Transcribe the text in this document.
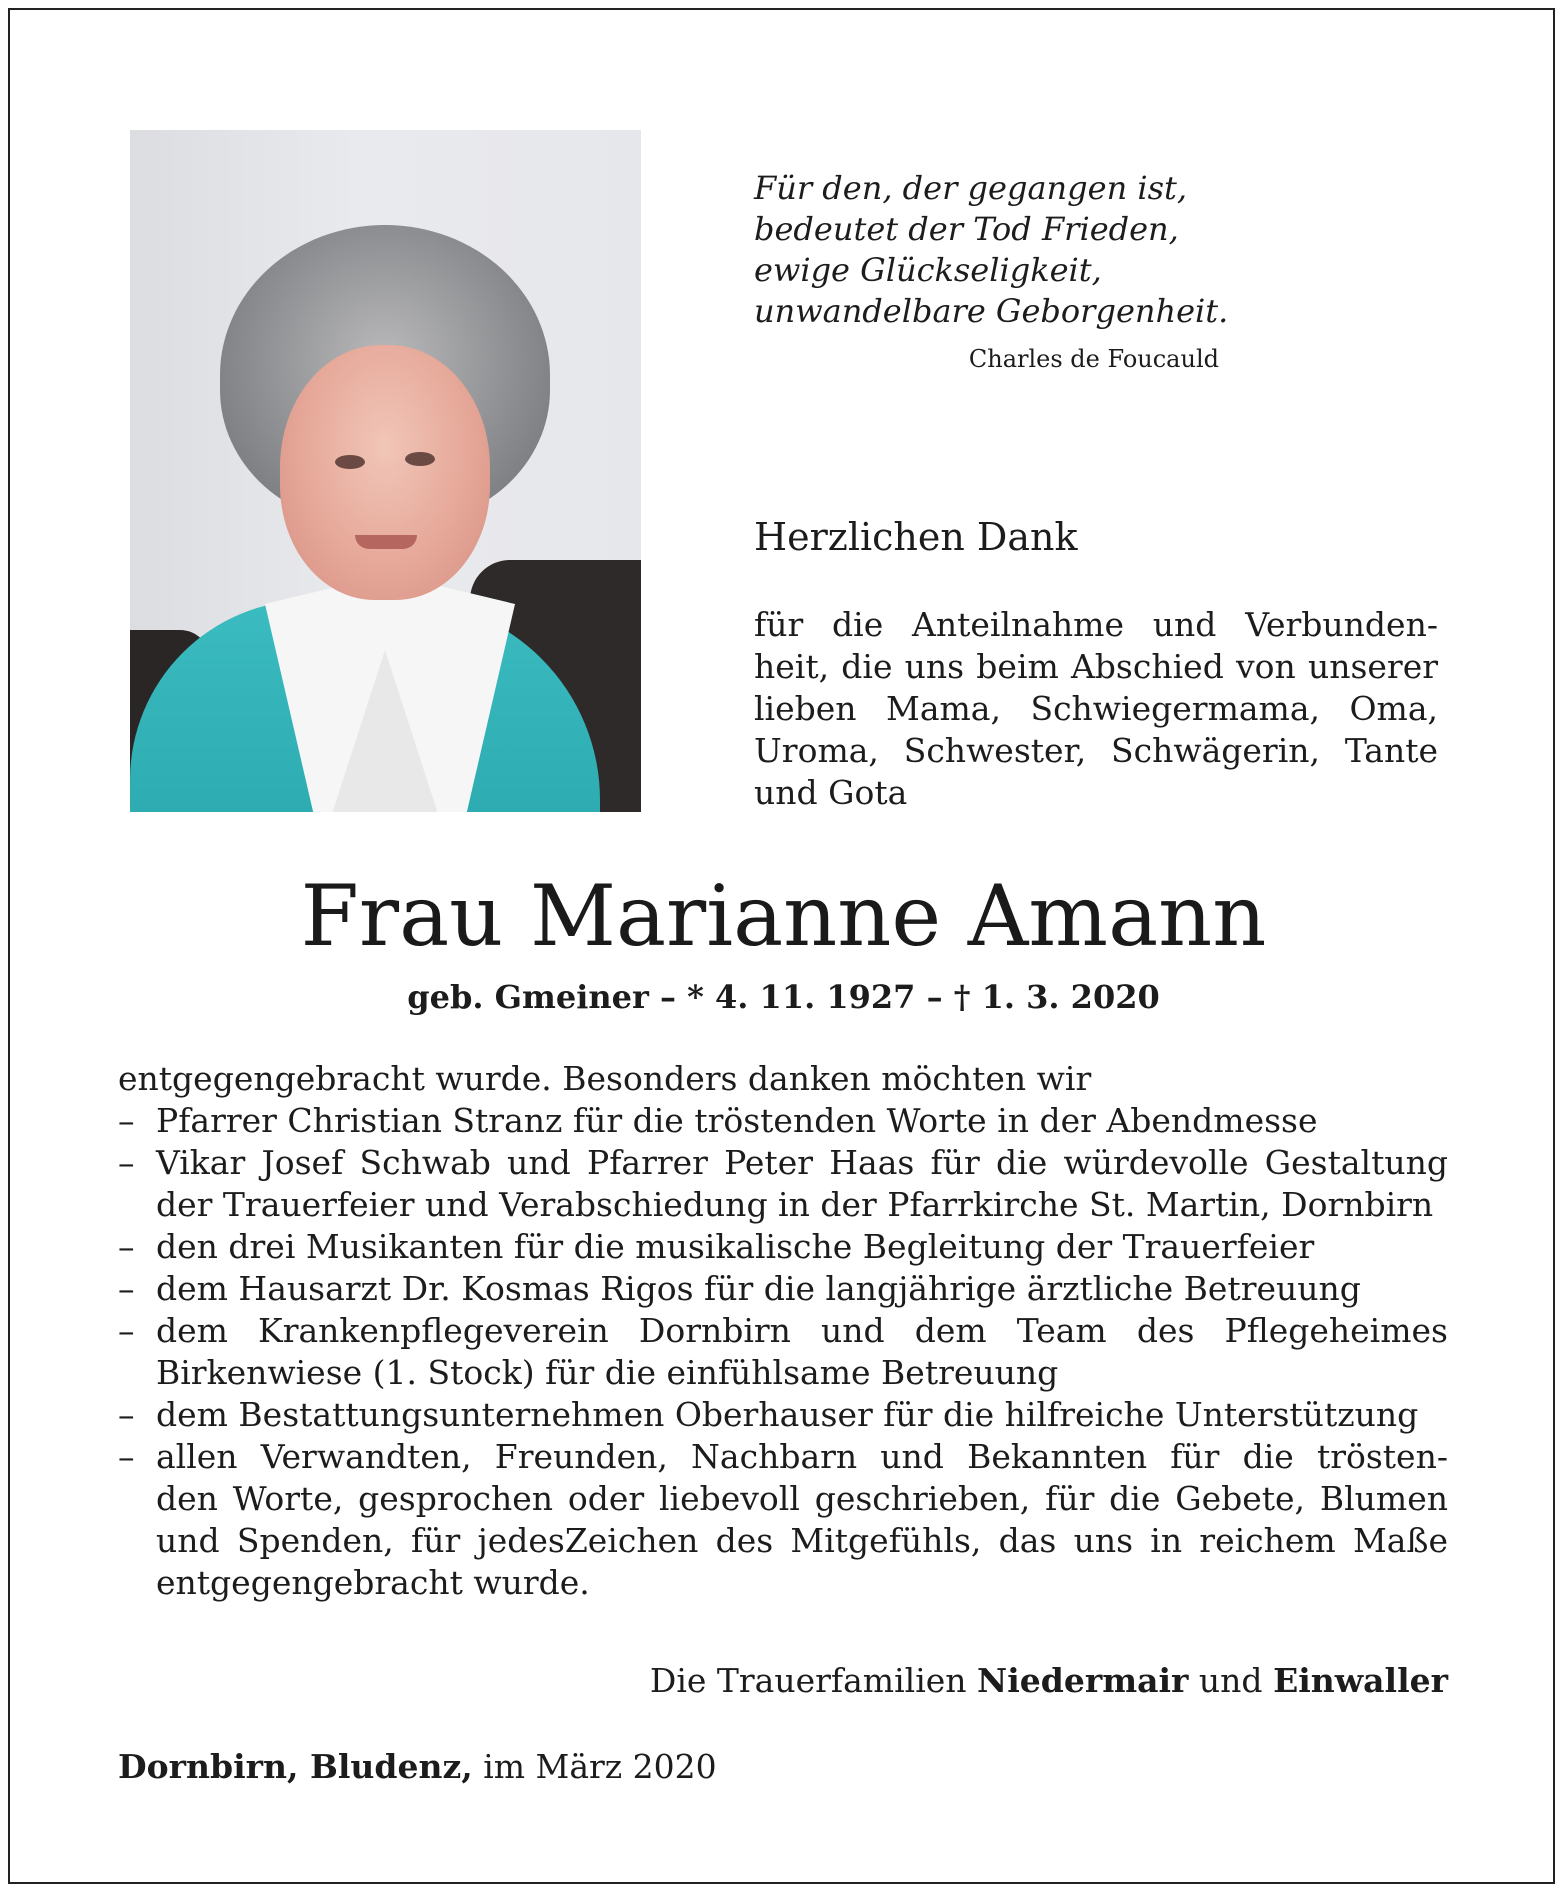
Für den, der gegangen ist,
bedeutet der Tod Frieden,
ewige Glückseligkeit,
unwandelbare Geborgenheit.
Charles de Foucauld
Herzlichen Dank
für die Anteilnahme und Verbunden-
heit, die uns beim Abschied von unserer
lieben Mama, Schwiegermama, Oma,
Uroma, Schwester, Schwägerin, Tante
und Gota
Frau Marianne Amann
geb. Gmeiner – * 4. 11. 1927 – † 1. 3. 2020
entgegengebracht wurde. Besonders danken möchten wir
– Pfarrer Christian Stranz für die tröstenden Worte in der Abendmesse
– Vikar Josef Schwab und Pfarrer Peter Haas für die würdevolle Gestaltung
der Trauerfeier und Verabschiedung in der Pfarrkirche St. Martin, Dornbirn
– den drei Musikanten für die musikalische Begleitung der Trauerfeier
– dem Hausarzt Dr. Kosmas Rigos für die langjährige ärztliche Betreuung
– dem Krankenpflegeverein Dornbirn und dem Team des Pflegeheimes
Birkenwiese (1. Stock) für die einfühlsame Betreuung
– dem Bestattungsunternehmen Oberhauser für die hilfreiche Unterstützung
– allen Verwandten, Freunden, Nachbarn und Bekannten für die trösten-
den Worte, gesprochen oder liebevoll geschrieben, für die Gebete, Blumen
und Spenden, für jedesZeichen des Mitgefühls, das uns in reichem Maße
entgegengebracht wurde.
Die Trauerfamilien Niedermair und Einwaller
Dornbirn, Bludenz, im März 2020
